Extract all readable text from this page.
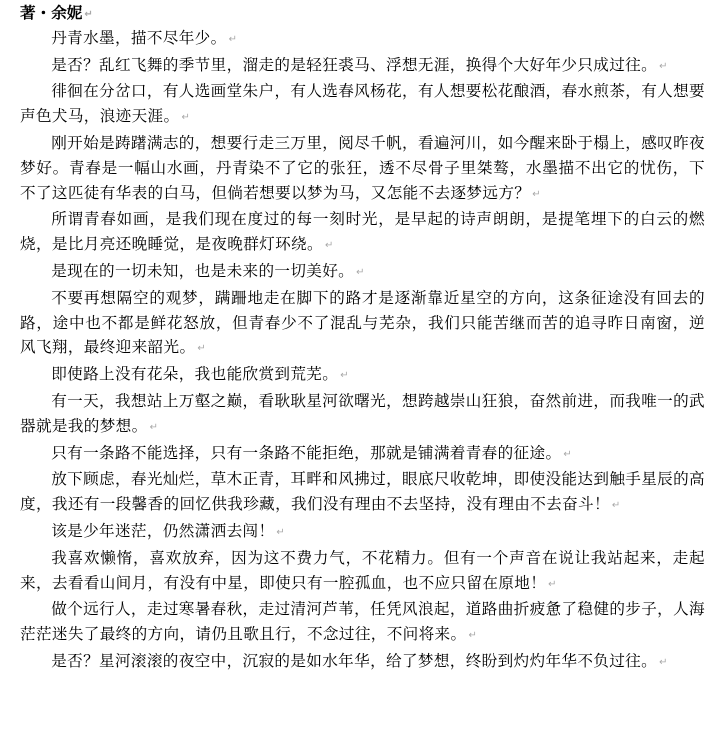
著・余妮 ↵

丹青水墨，描不尽年少。 ↵

是否？乱红飞舞的季节里，溜走的是轻狂裘马、浮想无涯，换得个大好年少只成过往。 ↵

徘徊在分岔口，有人选画堂朱户，有人选春风杨花，有人想要松花酿酒，春水煎茶，有人想要声色犬马，浪迹天涯。 ↵

刚开始是踌躇满志的，想要行走三万里，阅尽千帆，看遍河川，如今醒来卧于榻上，感叹昨夜梦好。青春是一幅山水画，丹青染不了它的张狂，透不尽骨子里桀骜，水墨描不出它的忧伤，下不了这匹徒有华表的白马，但倘若想要以梦为马，又怎能不去逐梦远方？ ↵

所谓青春如画，是我们现在度过的每一刻时光，是早起的诗声朗朗，是提笔埋下的白云的燃烧，是比月亮还晚睡觉，是夜晚群灯环绕。 ↵

是现在的一切未知，也是未来的一切美好。 ↵

不要再想隔空的观梦，蹒跚地走在脚下的路才是逐渐靠近星空的方向，这条征途没有回去的路，途中也不都是鲜花怒放，但青春少不了混乱与芜杂，我们只能苦继而苦的追寻昨日南窗，逆风飞翔，最终迎来韶光。 ↵

即使路上没有花朵，我也能欣赏到荒芜。 ↵

有一天，我想站上万壑之巅，看耿耿星河欲曙光，想跨越崇山狂狼，奋然前进，而我唯一的武器就是我的梦想。 ↵

只有一条路不能选择，只有一条路不能拒绝，那就是铺满着青春的征途。 ↵

放下顾虑，春光灿烂，草木正青，耳畔和风拂过，眼底尺收乾坤，即使没能达到触手星辰的高度，我还有一段馨香的回忆供我珍藏，我们没有理由不去坚持，没有理由不去奋斗！ ↵

该是少年迷茫，仍然潇洒去闯！ ↵

我喜欢懒惰，喜欢放弃，因为这不费力气，不花精力。但有一个声音在说让我站起来，走起来，去看看山间月，有没有中星，即使只有一腔孤血，也不应只留在原地！ ↵

做个远行人，走过寒暑春秋，走过清河芦苇，任凭风浪起，道路曲折疲惫了稳健的步子，人海茫茫迷失了最终的方向，请仍且歌且行，不念过往，不问将来。 ↵

是否？星河滚滚的夜空中，沉寂的是如水年华，给了梦想，终盼到灼灼年华不负过往。 ↵
